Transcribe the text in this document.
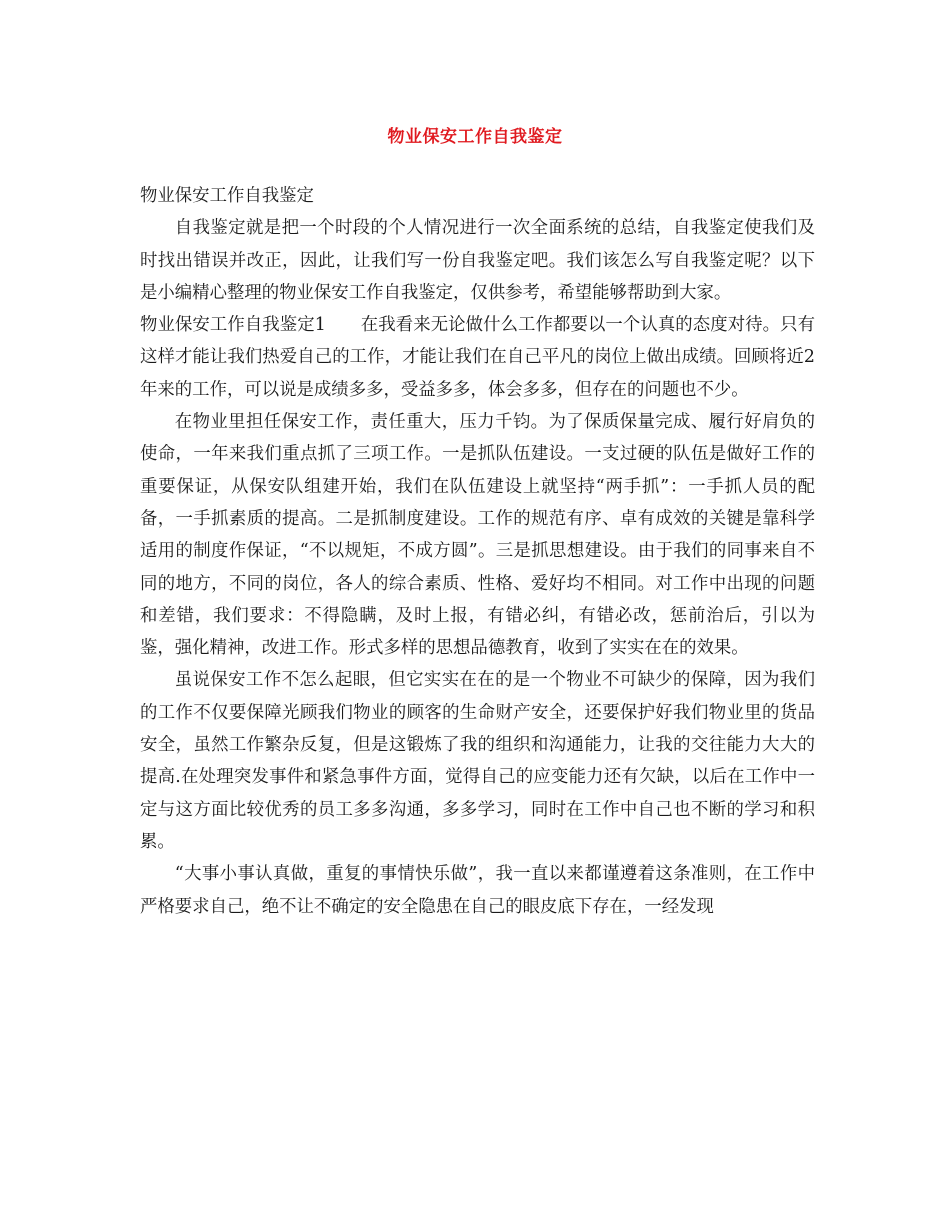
物业保安工作自我鉴定

物业保安工作自我鉴定

自我鉴定就是把一个时段的个人情况进行一次全面系统的总结，自我鉴定使我们及时找出错误并改正，因此，让我们写一份自我鉴定吧。我们该怎么写自我鉴定呢？以下是小编精心整理的物业保安工作自我鉴定，仅供参考，希望能够帮助到大家。

物业保安工作自我鉴定1　　在我看来无论做什么工作都要以一个认真的态度对待。只有这样才能让我们热爱自己的工作，才能让我们在自己平凡的岗位上做出成绩。回顾将近2年来的工作，可以说是成绩多多，受益多多，体会多多，但存在的问题也不少。

在物业里担任保安工作，责任重大，压力千钧。为了保质保量完成、履行好肩负的使命，一年来我们重点抓了三项工作。一是抓队伍建设。一支过硬的队伍是做好工作的重要保证，从保安队组建开始，我们在队伍建设上就坚持“两手抓”：一手抓人员的配备，一手抓素质的提高。二是抓制度建设。工作的规范有序、卓有成效的关键是靠科学适用的制度作保证，“不以规矩，不成方圆”。三是抓思想建设。由于我们的同事来自不同的地方，不同的岗位，各人的综合素质、性格、爱好均不相同。对工作中出现的问题和差错，我们要求：不得隐瞒，及时上报，有错必纠，有错必改，惩前治后，引以为鉴，强化精神，改进工作。形式多样的思想品德教育，收到了实实在在的效果。

虽说保安工作不怎么起眼，但它实实在在的是一个物业不可缺少的保障，因为我们的工作不仅要保障光顾我们物业的顾客的生命财产安全，还要保护好我们物业里的货品安全，虽然工作繁杂反复，但是这锻炼了我的组织和沟通能力，让我的交往能力大大的提高.在处理突发事件和紧急事件方面，觉得自己的应变能力还有欠缺，以后在工作中一定与这方面比较优秀的员工多多沟通，多多学习，同时在工作中自己也不断的学习和积累。

“大事小事认真做，重复的事情快乐做”，我一直以来都谨遵着这条准则，在工作中严格要求自己，绝不让不确定的安全隐患在自己的眼皮底下存在，一经发现
